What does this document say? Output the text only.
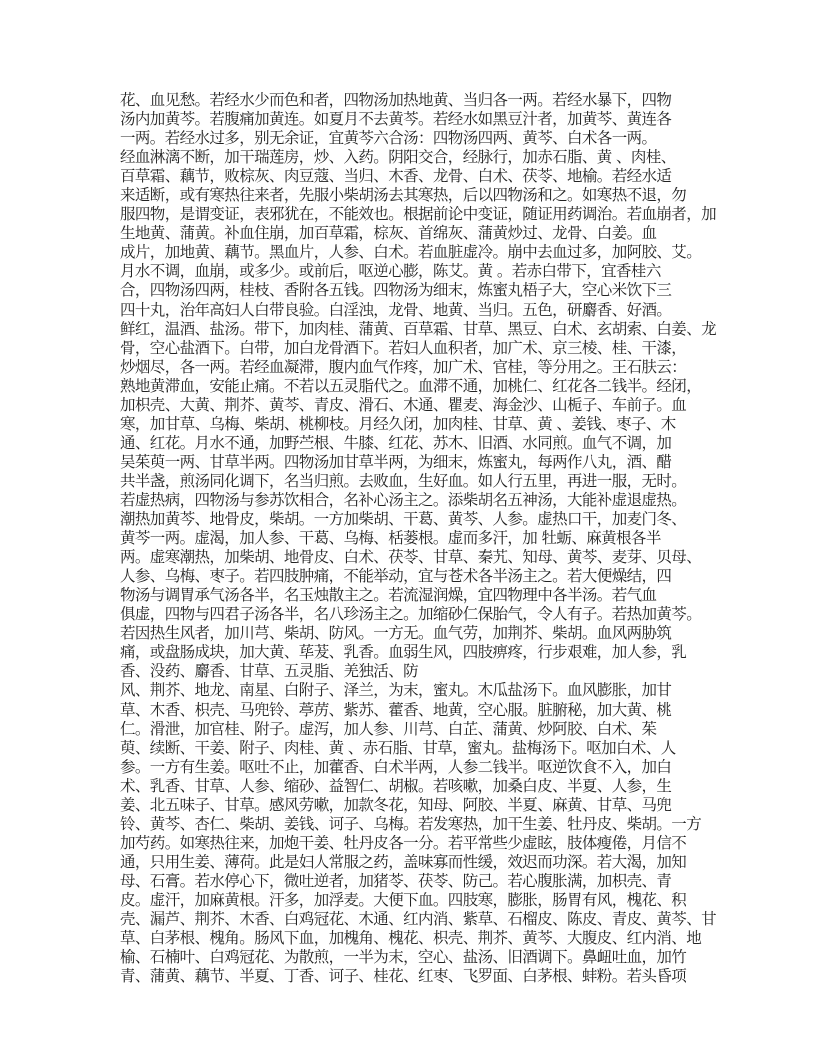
花、血见愁。若经水少而色和者，四物汤加热地黄、当归各一两。若经水暴下，四物
汤内加黄芩。若腹痛加黄连。如夏月不去黄芩。若经水如黑豆汁者，加黄芩、黄连各
一两。若经水过多，别无余证，宜黄芩六合汤：四物汤四两、黄芩、白术各一两。
经血淋漓不断，加干瑞莲房，炒、入药。阴阳交合，经脉行，加赤石脂、黄 、肉桂、
百草霜、藕节，败棕灰、肉豆蔻、当归、木香、龙骨、白术、茯苓、地榆。若经水适
来适断，或有寒热往来者，先服小柴胡汤去其寒热，后以四物汤和之。如寒热不退，勿
服四物，是谓变证，表邪犹在，不能效也。根据前论中变证，随证用药调治。若血崩者，加
生地黄、蒲黄。补血住崩，加百草霜，棕灰、首绵灰、蒲黄炒过、龙骨、白姜。血
成片，加地黄、藕节。黑血片，人参、白术。若血脏虚冷。崩中去血过多，加阿胶、艾。
月水不调，血崩，或多少。或前后，呕逆心膨，陈艾。黄 。若赤白带下，宜香桂六
合，四物汤四两，桂枝、香附各五钱。四物汤为细末，炼蜜丸梧子大，空心米饮下三
四十丸，治年高妇人白带良验。白淫浊，龙骨、地黄、当归。五色，研麝香、好酒。
鲜红，温酒、盐汤。带下，加肉桂、蒲黄、百草霜、甘草、黑豆、白术、玄胡索、白姜、龙
骨，空心盐酒下。白带，加白龙骨酒下。若妇人血积者，加广术、京三棱、桂、干漆，
炒烟尽，各一两。若经血凝滞，腹内血气作疼，加广术、官桂，等分用之。王石肤云：
熟地黄滞血，安能止痛。不若以五灵脂代之。血滞不通，加桃仁、红花各二钱半。经闭，
加枳壳、大黄、荆芥、黄芩、青皮、滑石、木通、瞿麦、海金沙、山栀子、车前子。血
寒，加甘草、乌梅、柴胡、桃柳枝。月经久闭，加肉桂、甘草、黄 、姜钱、枣子、木
通、红花。月水不通，加野苎根、牛膝、红花、苏木、旧酒、水同煎。血气不调，加
吴茱萸一两、甘草半两。四物汤加甘草半两，为细末，炼蜜丸，每两作八丸，酒、醋
共半盏，煎汤同化调下，名当归煎。去败血，生好血。如人行五里，再进一服，无时。
若虚热病，四物汤与参苏饮相合，名补心汤主之。添柴胡名五神汤，大能补虚退虚热。
潮热加黄芩、地骨皮，柴胡。一方加柴胡、干葛、黄芩、人参。虚热口干，加麦门冬、
黄芩一两。虚渴，加人参、干葛、乌梅、栝蒌根。虚而多汗，加 牡蛎、麻黄根各半
两。虚寒潮热，加柴胡、地骨皮、白术、茯苓、甘草、秦艽、知母、黄芩、麦芽、贝母、
人参、乌梅、枣子。若四肢肿痛，不能举动，宜与苍术各半汤主之。若大便燥结，四
物汤与调胃承气汤各半，名玉烛散主之。若流湿润燥，宜四物理中各半汤。若气血
俱虚，四物与四君子汤各半，名八珍汤主之。加缩砂仁保胎气，令人有子。若热加黄芩。
若因热生风者，加川芎、柴胡、防风。一方无。血气劳，加荆芥、柴胡。血风两胁筑
痛，或盘肠成块，加大黄、荜茇、乳香。血弱生风，四肢痹疼，行步艰难，加人参，乳
香、没药、麝香、甘草、五灵脂、羌独活、防
风、荆芥、地龙、南星、白附子、泽兰，为末，蜜丸。木瓜盐汤下。血风膨胀，加甘
草、木香、枳壳、马兜铃、葶苈、紫苏、藿香、地黄，空心服。脏腑秘，加大黄、桃
仁。滑泄，加官桂、附子。虚泻，加人参、川芎、白芷、蒲黄、炒阿胶、白术、茱
萸、续断、干姜、附子、肉桂、黄 、赤石脂、甘草，蜜丸。盐梅汤下。呕加白术、人
参。一方有生姜。呕吐不止，加藿香、白术半两，人参二钱半。呕逆饮食不入，加白
术、乳香、甘草、人参、缩砂、益智仁、胡椒。若咳嗽，加桑白皮、半夏、人参，生
姜、北五味子、甘草。感风劳嗽，加款冬花，知母、阿胶、半夏、麻黄、甘草、马兜
铃、黄芩、杏仁、柴胡、姜钱、诃子、乌梅。若发寒热，加干生姜、牡丹皮、柴胡。一方
加芍药。如寒热往来，加炮干姜、牡丹皮各一分。若平常些少虚眩，肢体瘦倦，月信不
通，只用生姜、薄荷。此是妇人常服之药，盖味寡而性缓，效迟而功深。若大渴，加知
母、石膏。若水停心下，微吐逆者，加猪苓、茯苓、防己。若心腹胀满，加枳壳、青
皮。虚汗，加麻黄根。汗多，加浮麦。大便下血。四肢寒，膨胀，肠胃有风，槐花、积
壳、漏芦、荆芥、木香、白鸡冠花、木通、红内消、紫草、石榴皮、陈皮、青皮、黄芩、甘
草、白茅根、槐角。肠风下血，加槐角、槐花、枳壳、荆芥、黄芩、大腹皮、红内消、地
榆、石楠叶、白鸡冠花、为散煎，一半为末，空心、盐汤、旧酒调下。鼻衄吐血，加竹
青、蒲黄、藕节、半夏、丁香、诃子、桂花、红枣、飞罗面、白茅根、蚌粉。若头昏项
